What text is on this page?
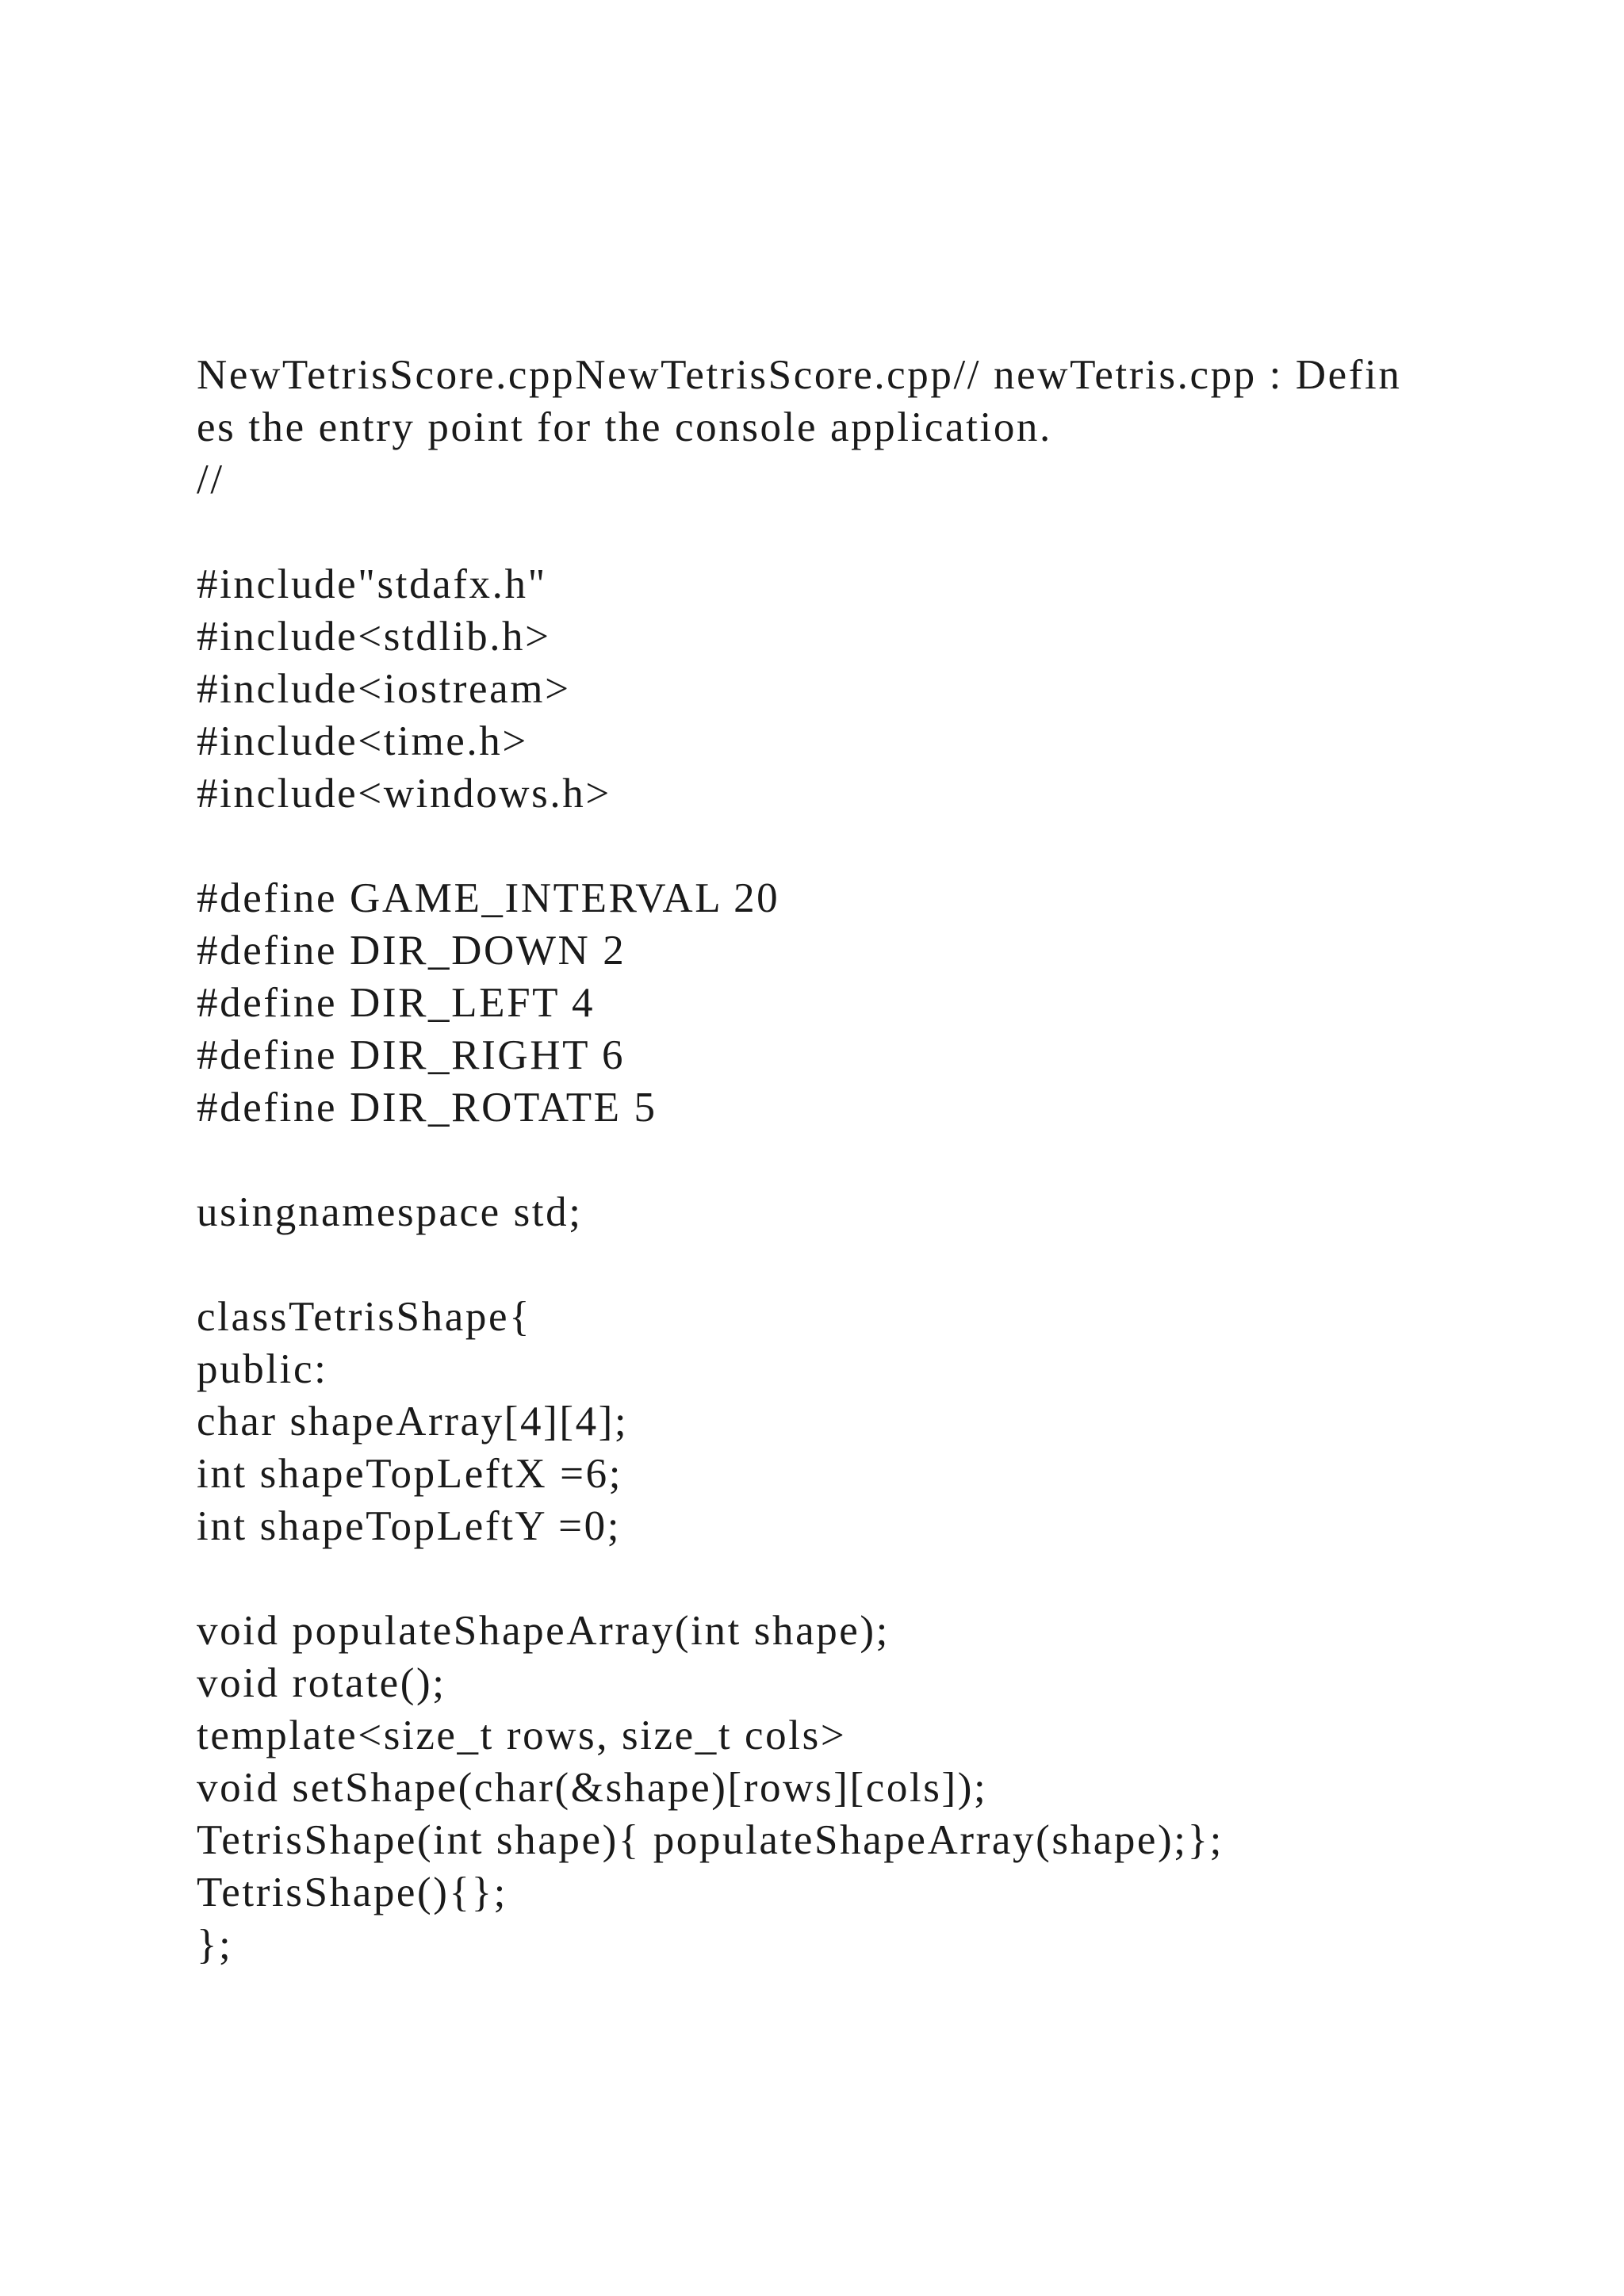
NewTetrisScore.cppNewTetrisScore.cpp// newTetris.cpp : Defin
es the entry point for the console application.
//
#include"stdafx.h"
#include<stdlib.h>
#include<iostream>
#include<time.h>
#include<windows.h>
#define GAME_INTERVAL 20
#define DIR_DOWN 2
#define DIR_LEFT 4
#define DIR_RIGHT 6
#define DIR_ROTATE 5
usingnamespace std;
classTetrisShape{
public:
char shapeArray[4][4];
int shapeTopLeftX =6;
int shapeTopLeftY =0;
void populateShapeArray(int shape);
void rotate();
template<size_t rows, size_t cols>
void setShape(char(&shape)[rows][cols]);
TetrisShape(int shape){ populateShapeArray(shape);};
TetrisShape(){};
};
